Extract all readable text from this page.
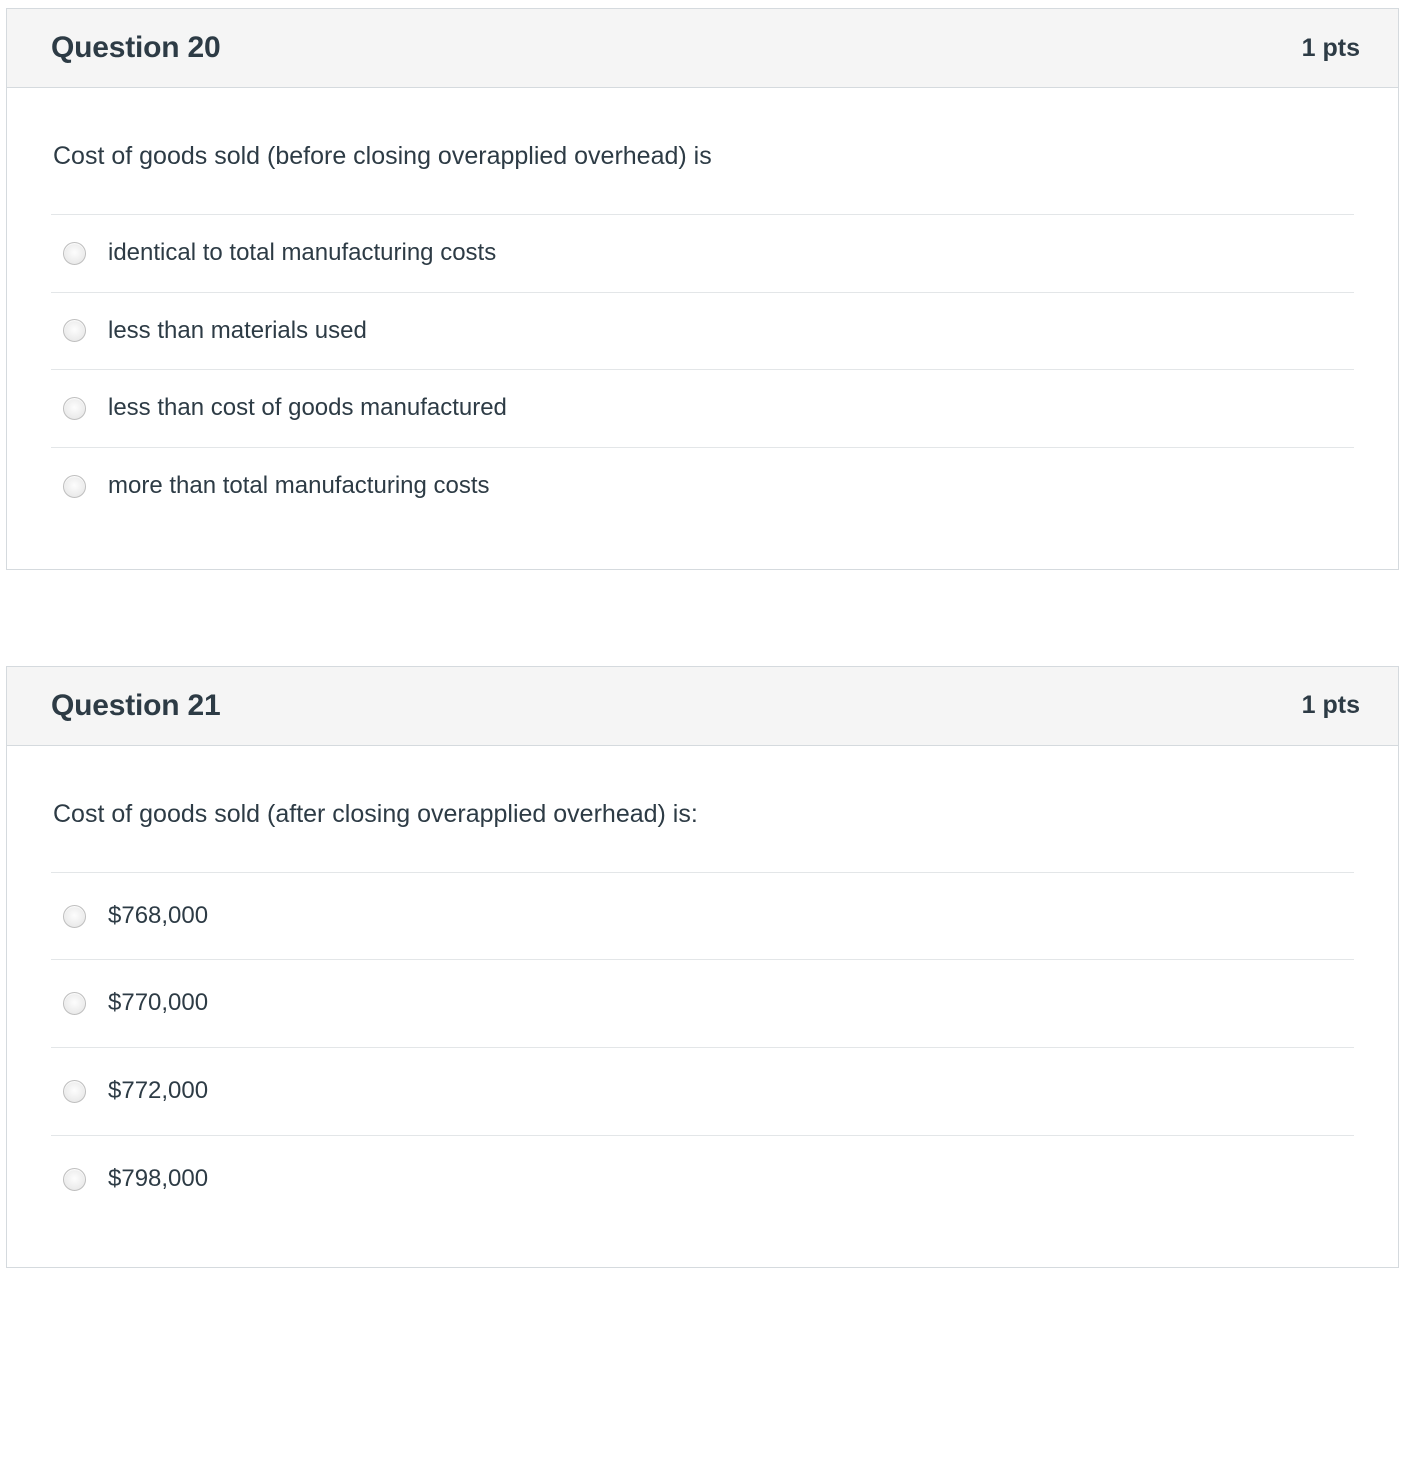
Question 20	1 pts

Cost of goods sold (before closing overapplied overhead) is

identical to total manufacturing costs
less than materials used
less than cost of goods manufactured
more than total manufacturing costs
Question 21	1 pts

Cost of goods sold (after closing overapplied overhead) is:

$768,000
$770,000
$772,000
$798,000
